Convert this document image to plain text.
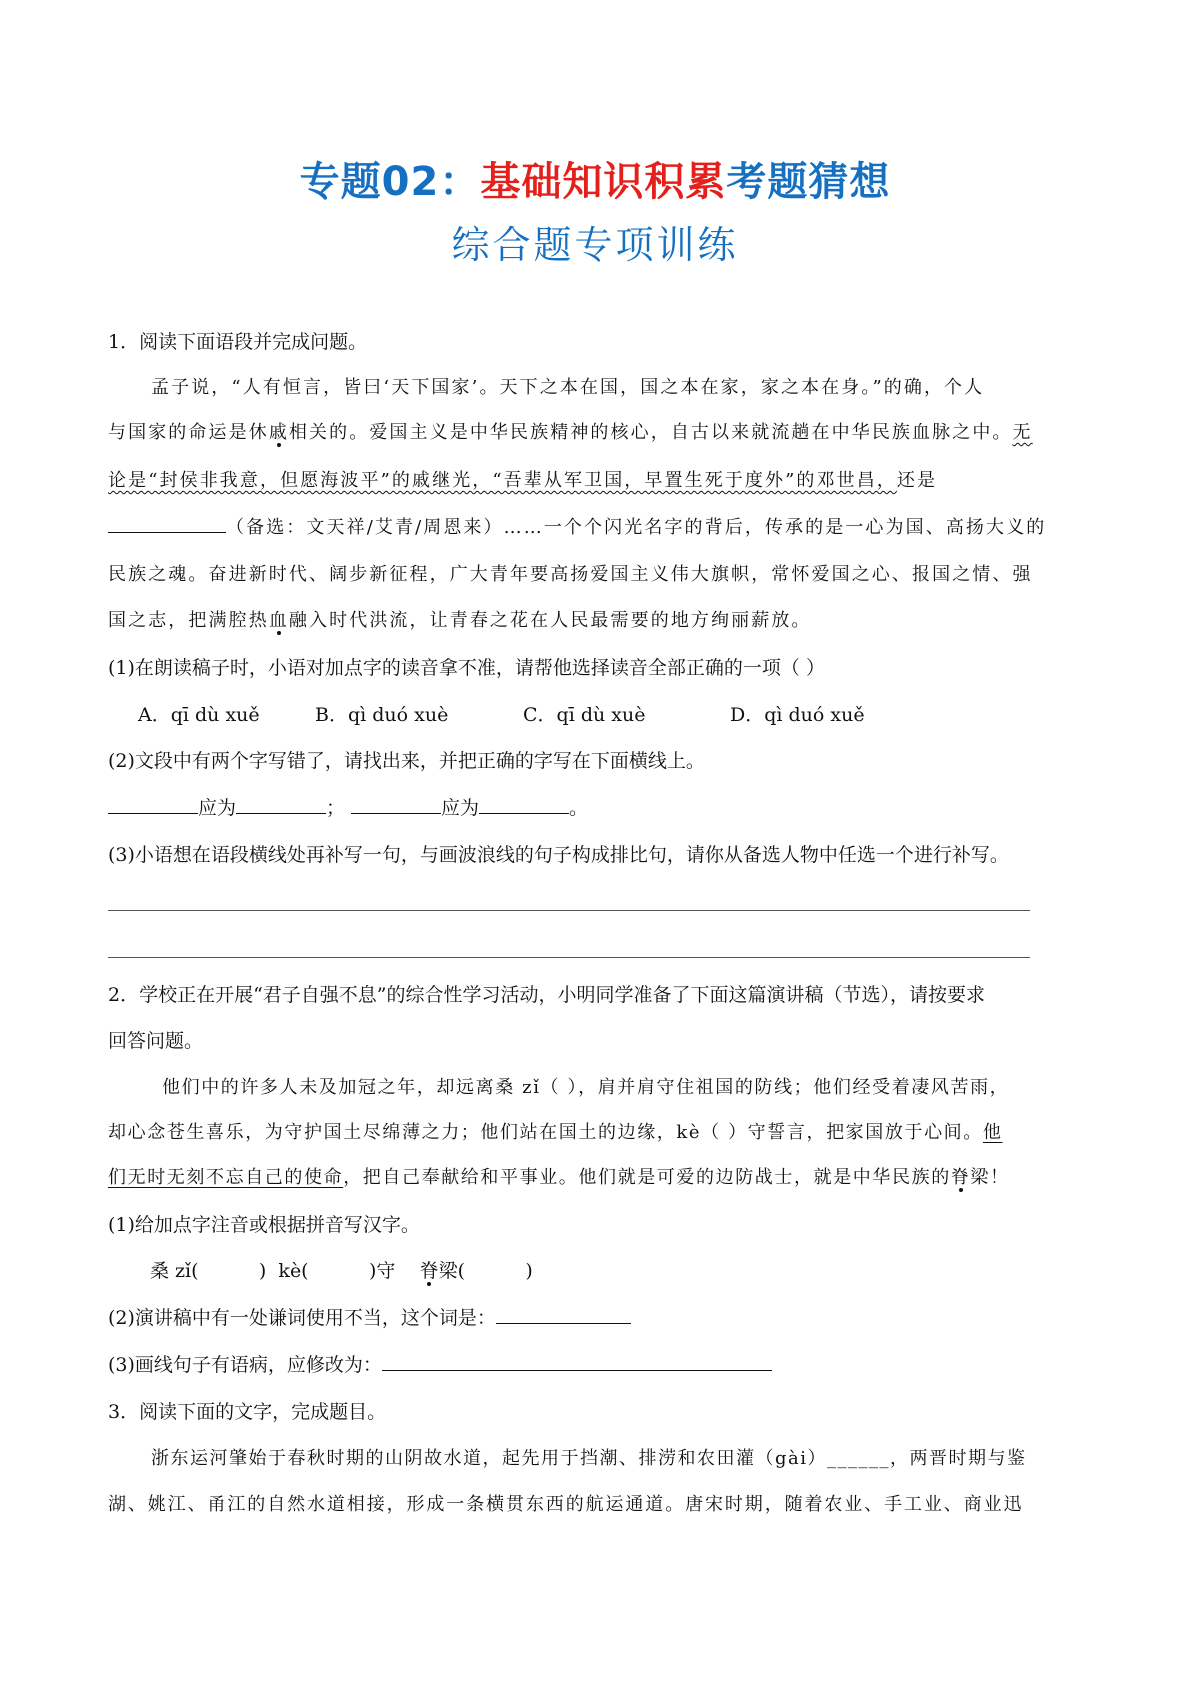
专题02：基础知识积累考题猜想
综合题专项训练
1．阅读下面语段并完成问题。
孟子说，“人有恒言，皆曰‘天下国家’。天下之本在国，国之本在家，家之本在身。”的确，个人
与国家的命运是休戚相关的。爱国主义是中华民族精神的核心，自古以来就流趟在中华民族血脉之中。无
论是“封侯非我意，但愿海波平”的戚继光，“吾辈从军卫国，早置生死于度外”的邓世昌，还是
（备选：文天祥/艾青/周恩来）……一个个闪光名字的背后，传承的是一心为国、高扬大义的
民族之魂。奋进新时代、阔步新征程，广大青年要高扬爱国主义伟大旗帜，常怀爱国之心、报国之情、强
国之志，把满腔热血融入时代洪流，让青春之花在人民最需要的地方绚丽薪放。
(1)在朗读稿子时，小语对加点字的读音拿不准，请帮他选择读音全部正确的一项（ ）
A．qī dù xuě	B．qì duó xuè	C．qī dù xuè	D．qì duó xuě
(2)文段中有两个字写错了，请找出来，并把正确的字写在下面横线上。
应为	；	应为	。
(3)小语想在语段横线处再补写一句，与画波浪线的句子构成排比句，请你从备选人物中任选一个进行补写。
2．学校正在开展“君子自强不息”的综合性学习活动，小明同学准备了下面这篇演讲稿（节选），请按要求
回答问题。
他们中的许多人未及加冠之年，却远离桑 zǐ（ ），肩并肩守住祖国的防线；他们经受着凄风苦雨，
却心念苍生喜乐，为守护国土尽绵薄之力；他们站在国土的边缘，kè（ ）守誓言，把家国放于心间。他
们无时无刻不忘自己的使命，把自己奉献给和平事业。他们就是可爱的边防战士，就是中华民族的脊梁！
(1)给加点字注音或根据拼音写汉字。
桑 zǐ(          )  kè(          )守    脊梁(          )
(2)演讲稿中有一处谦词使用不当，这个词是：
(3)画线句子有语病，应修改为：
3．阅读下面的文字，完成题目。
浙东运河肇始于春秋时期的山阴故水道，起先用于挡潮、排涝和农田灌（gài）______，两晋时期与鉴
湖、姚江、甬江的自然水道相接，形成一条横贯东西的航运通道。唐宋时期，随着农业、手工业、商业迅
